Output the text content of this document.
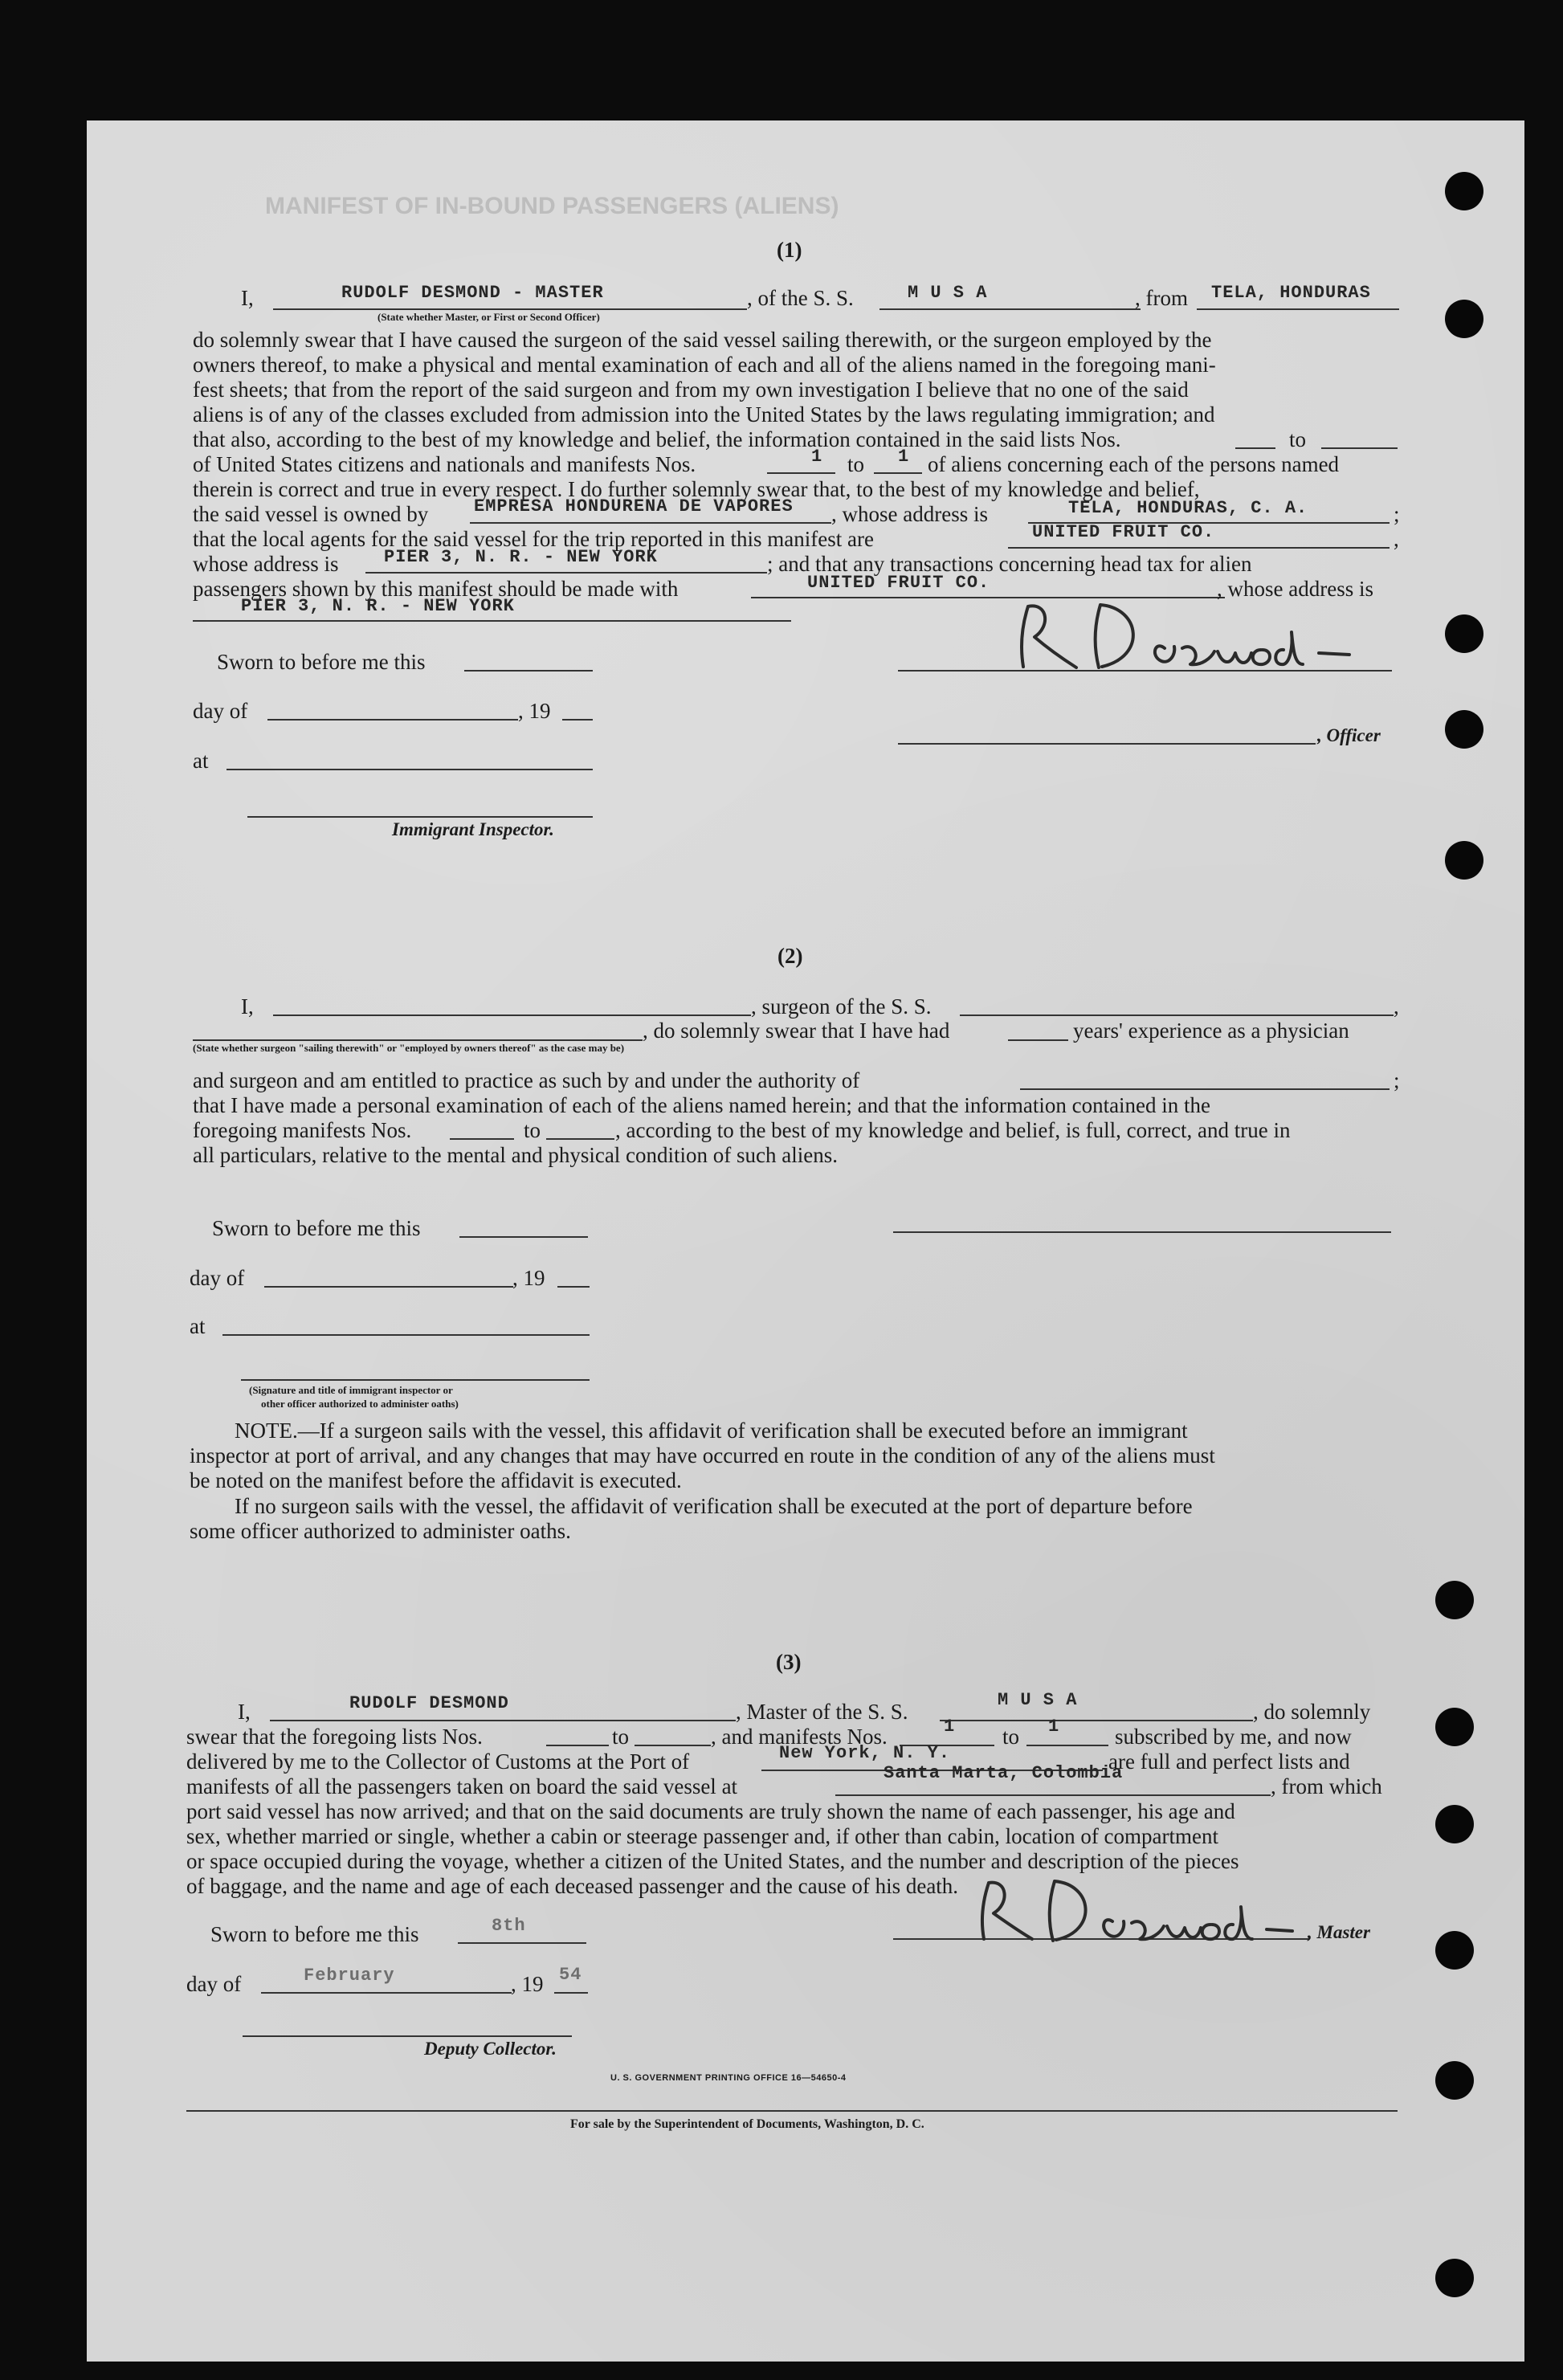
MANIFEST OF IN-BOUND PASSENGERS (ALIENS)
(1)
I,	RUDOLF DESMOND - MASTER	, of the S. S.	M U S A	, from TELA, HONDURAS
(State whether Master, or First or Second Officer)
do solemnly swear that I have caused the surgeon of the said vessel sailing therewith, or the surgeon employed by the
owners thereof, to make a physical and mental examination of each and all of the aliens named in the foregoing mani-
fest sheets; that from the report of the said surgeon and from my own investigation I believe that no one of the said
aliens is of any of the classes excluded from admission into the United States by the laws regulating immigration; and
that also, according to the best of my knowledge and belief, the information contained in the said lists Nos.	to
of United States citizens and nationals and manifests Nos.	1 to 1 of aliens concerning each of the persons named
therein is correct and true in every respect. I do further solemnly swear that, to the best of my knowledge and belief,
the said vessel is owned by	EMPRESA HONDURENA DE VAPORES , whose address is	TELA, HONDURAS, C. A.	;
that the local agents for the said vessel for the trip reported in this manifest are	UNITED FRUIT CO.	,
whose address is	PIER 3, N. R. - NEW YORK	; and that any transactions concerning head tax for alien
passengers shown by this manifest should be made with	UNITED FRUIT CO.	, whose address is
PIER 3, N. R. - NEW YORK
Sworn to before me this
day of	, 19
, Officer
at
Immigrant Inspector.
(2)
I,	, surgeon of the S. S.	,
, do solemnly swear that I have had	years' experience as a physician
(State whether surgeon "sailing therewith" or "employed by owners thereof" as the case may be)
and surgeon and am entitled to practice as such by and under the authority of	;
that I have made a personal examination of each of the aliens named herein; and that the information contained in the
foregoing manifests Nos.	to	, according to the best of my knowledge and belief, is full, correct, and true in
all particulars, relative to the mental and physical condition of such aliens.
Sworn to before me this
day of	, 19
at
(Signature and title of immigrant inspector or
other officer authorized to administer oaths)
NOTE.—If a surgeon sails with the vessel, this affidavit of verification shall be executed before an immigrant
inspector at port of arrival, and any changes that may have occurred en route in the condition of any of the aliens must
be noted on the manifest before the affidavit is executed.
If no surgeon sails with the vessel, the affidavit of verification shall be executed at the port of departure before
some officer authorized to administer oaths.
(3)
I,	RUDOLF DESMOND	, Master of the S. S.	M U S A	, do solemnly
swear that the foregoing lists Nos.	to	, and manifests Nos.	1 to 1	subscribed by me, and now
delivered by me to the Collector of Customs at the Port of	New York, N. Y.	are full and perfect lists and
manifests of all the passengers taken on board the said vessel at
Santa Marta, Colombia
, from which
port said vessel has now arrived; and that on the said documents are truly shown the name of each passenger, his age and
sex, whether married or single, whether a cabin or steerage passenger and, if other than cabin, location of compartment
or space occupied during the voyage, whether a citizen of the United States, and the number and description of the pieces
of baggage, and the name and age of each deceased passenger and the cause of his death.
Sworn to before me this	8th	, Master
day of	February	, 19 54
Deputy Collector.
U. S. GOVERNMENT PRINTING OFFICE 16—54650-4
For sale by the Superintendent of Documents, Washington, D. C.
